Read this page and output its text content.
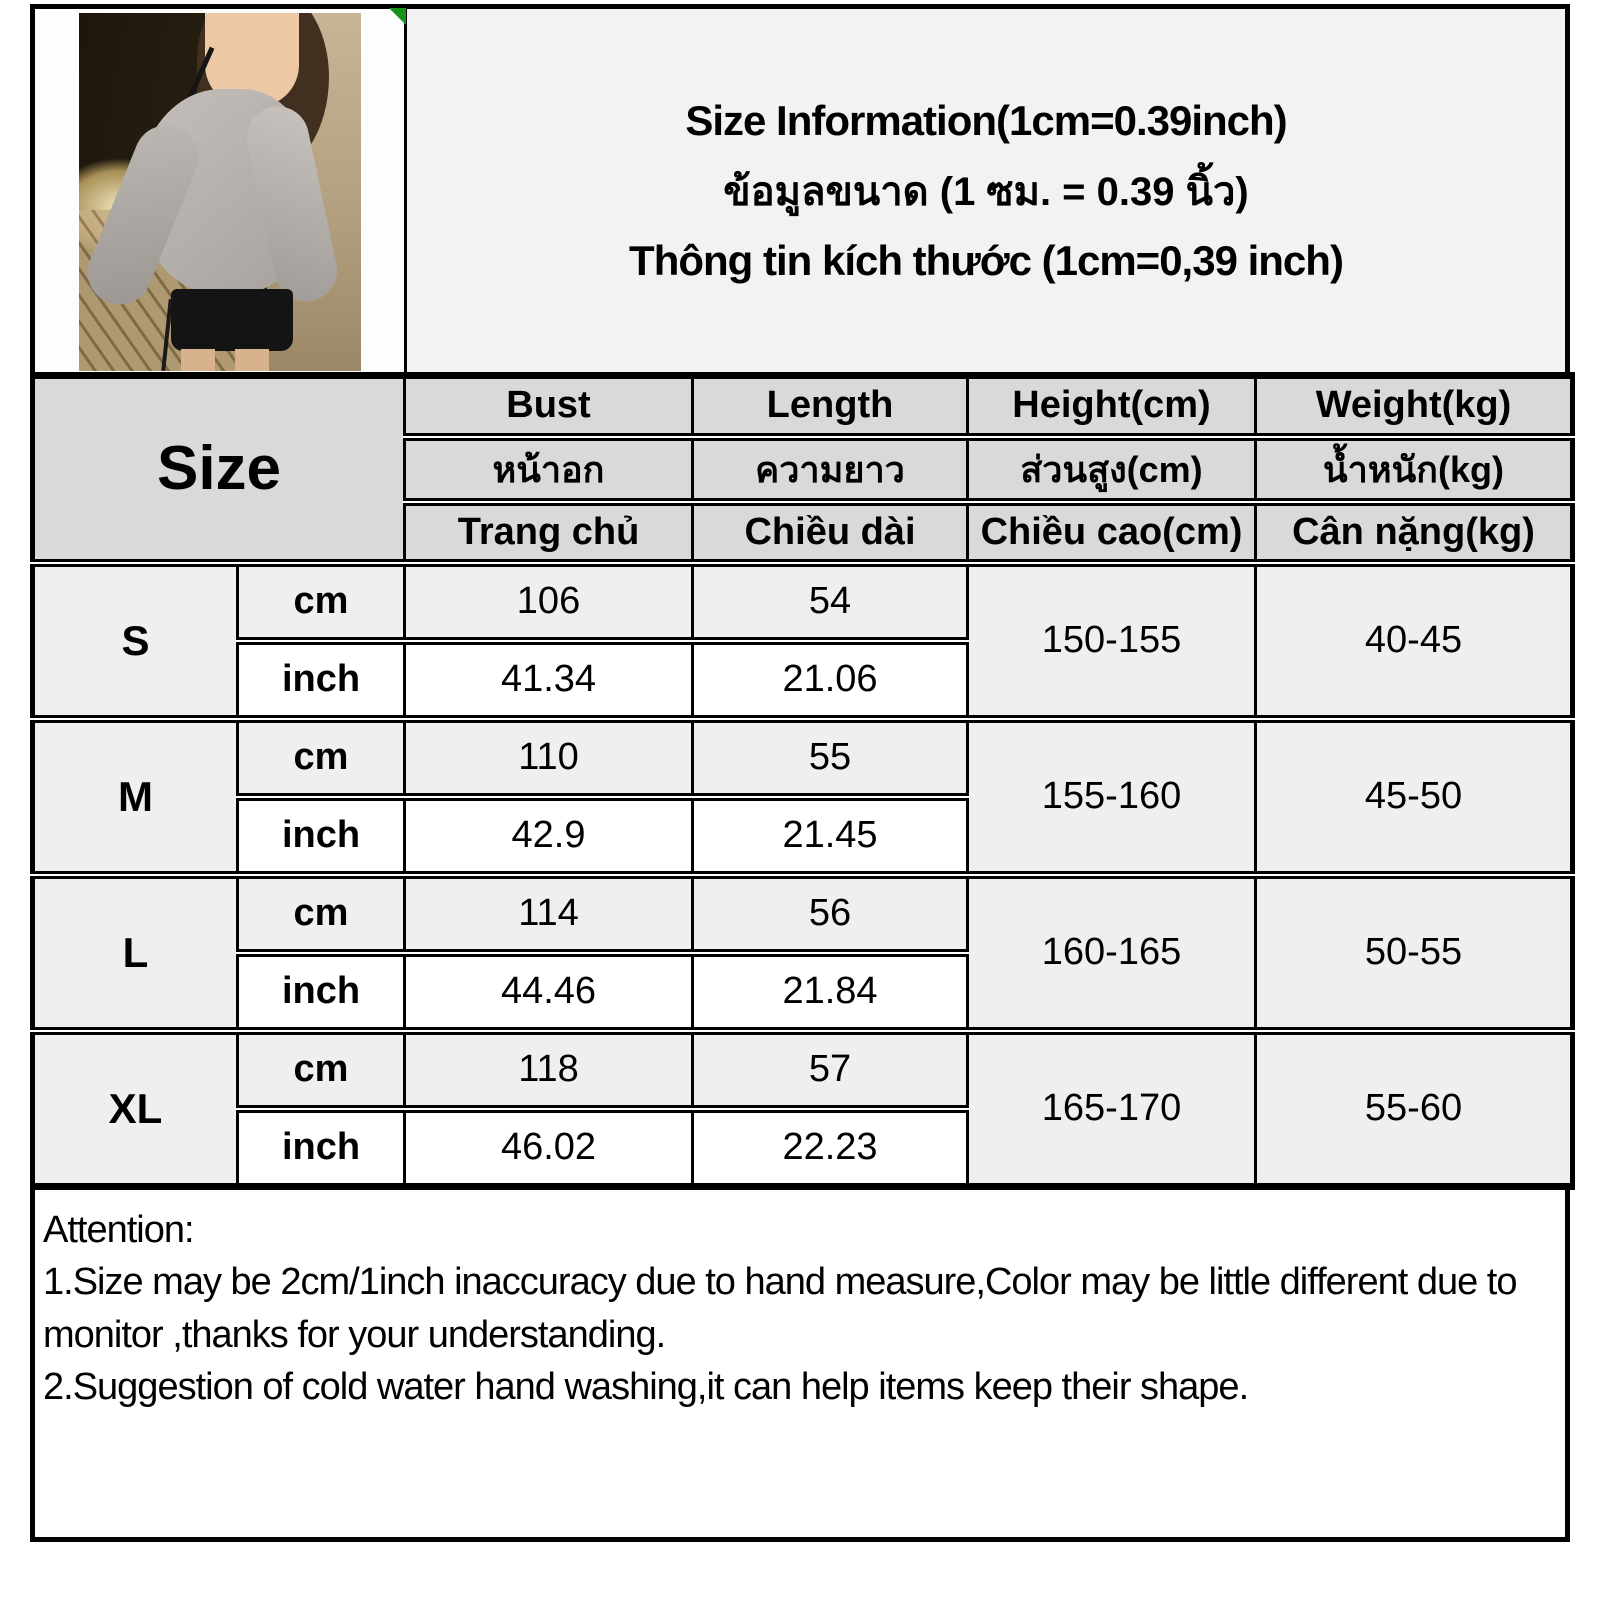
Size Information(1cm=0.39inch)
ข้อมูลขนาด (1 ซม. = 0.39 นิ้ว)
Thông tin kích thước (1cm=0,39 inch)
Size		Bust	Length	Height(cm)	Weight(kg)
		หน้าอก	ความยาว	ส่วนสูง(cm)	น้ำหนัก(kg)
		Trang chủ	Chiều dài	Chiều cao(cm)	Cân nặng(kg)
S	cm	106	54	150-155	40-45
	inch	41.34	21.06		
M	cm	110	55	155-160	45-50
	inch	42.9	21.45		
L	cm	114	56	160-165	50-55
	inch	44.46	21.84		
XL	cm	118	57	165-170	55-60
	inch	46.02	22.23		

Attention:

1.Size may be 2cm/1inch inaccuracy due to hand measure,Color may be little different due to monitor ,thanks for your understanding.

2.Suggestion of cold water hand washing,it can help items keep their shape.
